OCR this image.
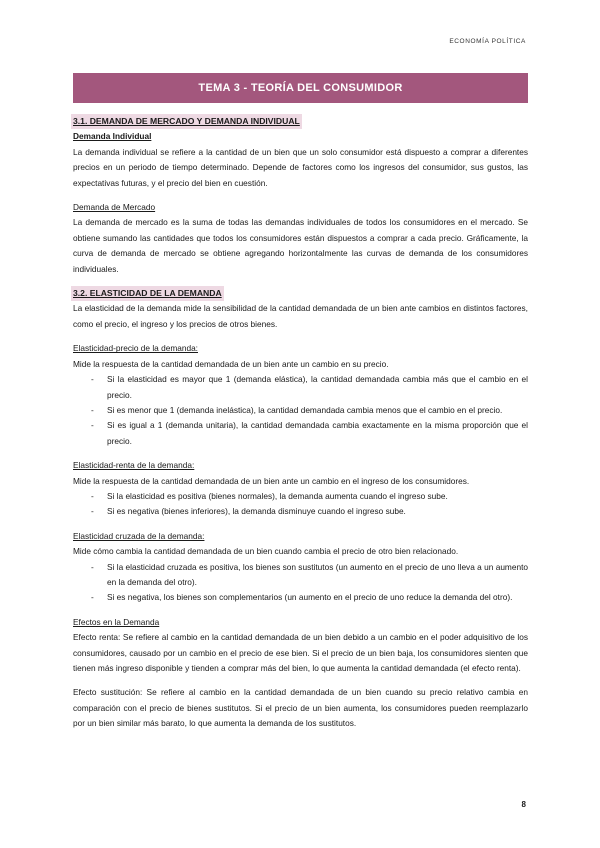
ECONOMÍA POLÍTICA
TEMA 3 - TEORÍA DEL CONSUMIDOR
3.1. DEMANDA DE MERCADO Y DEMANDA INDIVIDUAL
Demanda Individual

La demanda individual se refiere a la cantidad de un bien que un solo consumidor está dispuesto a comprar a diferentes precios en un periodo de tiempo determinado. Depende de factores como los ingresos del consumidor, sus gustos, las expectativas futuras, y el precio del bien en cuestión.

Demanda de Mercado

La demanda de mercado es la suma de todas las demandas individuales de todos los consumidores en el mercado. Se obtiene sumando las cantidades que todos los consumidores están dispuestos a comprar a cada precio. Gráficamente, la curva de demanda de mercado se obtiene agregando horizontalmente las curvas de demanda de los consumidores individuales.

3.2. ELASTICIDAD DE LA DEMANDA

La elasticidad de la demanda mide la sensibilidad de la cantidad demandada de un bien ante cambios en distintos factores, como el precio, el ingreso y los precios de otros bienes.

Elasticidad-precio de la demanda:

Mide la respuesta de la cantidad demandada de un bien ante un cambio en su precio.

- Si la elasticidad es mayor que 1 (demanda elástica), la cantidad demandada cambia más que el cambio en el precio.
- Si es menor que 1 (demanda inelástica), la cantidad demandada cambia menos que el cambio en el precio.
- Si es igual a 1 (demanda unitaria), la cantidad demandada cambia exactamente en la misma proporción que el precio.
Elasticidad-renta de la demanda:

Mide la respuesta de la cantidad demandada de un bien ante un cambio en el ingreso de los consumidores.

- Si la elasticidad es positiva (bienes normales), la demanda aumenta cuando el ingreso sube.
- Si es negativa (bienes inferiores), la demanda disminuye cuando el ingreso sube.
Elasticidad cruzada de la demanda:

Mide cómo cambia la cantidad demandada de un bien cuando cambia el precio de otro bien relacionado.

- Si la elasticidad cruzada es positiva, los bienes son sustitutos (un aumento en el precio de uno lleva a un aumento en la demanda del otro).
- Si es negativa, los bienes son complementarios (un aumento en el precio de uno reduce la demanda del otro).
Efectos en la Demanda

Efecto renta: Se refiere al cambio en la cantidad demandada de un bien debido a un cambio en el poder adquisitivo de los consumidores, causado por un cambio en el precio de ese bien. Si el precio de un bien baja, los consumidores sienten que tienen más ingreso disponible y tienden a comprar más del bien, lo que aumenta la cantidad demandada (el efecto renta).

Efecto sustitución: Se refiere al cambio en la cantidad demandada de un bien cuando su precio relativo cambia en comparación con el precio de bienes sustitutos. Si el precio de un bien aumenta, los consumidores pueden reemplazarlo por un bien similar más barato, lo que aumenta la demanda de los sustitutos.

8
